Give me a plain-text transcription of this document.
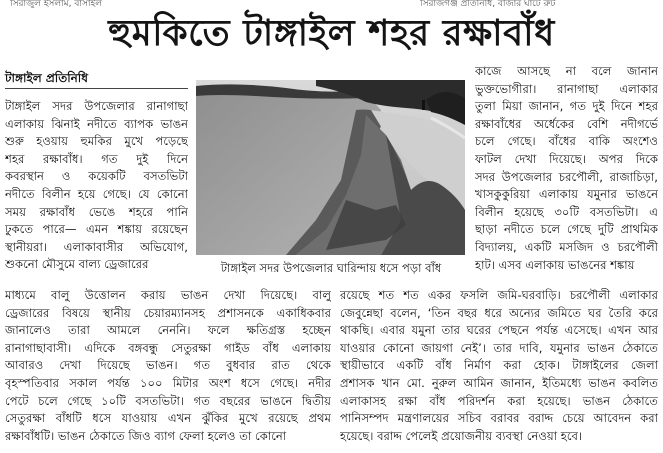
সিরাজুল ইসলাম, বাসাইল	সিরাজগঞ্জ প্রতিনিধি, বাজার ঘাটে রুট
হুমকিতে টাঙ্গাইল শহর রক্ষাবাঁধ
টাঙ্গাইল প্রতিনিধি
টাঙ্গাইল সদর উপজেলার রানাগাছা
এলাকায় ঝিনাই নদীতে ব্যাপক ভাঙন
শুরু হওয়ায় হুমকির মুখে পড়েছে
শহর রক্ষাবাঁধ। গত দুই দিনে
কবরস্থান ও কয়েকটি বসতভিটা
নদীতে বিলীন হয়ে গেছে। যে কোনো
সময় রক্ষাবাঁধ ভেঙে শহরে পানি
ঢুকতে পারে— এমন শঙ্কায় রয়েছেন
স্থানীয়রা। এলাকাবাসীর অভিযোগ,
শুকনো মৌসুমে বাল্য ড্রেজারের	টাঙ্গাইল সদর উপজেলার ঘারিন্দায় ধসে পড়া বাঁধ
কাজে আসছে না বলে জানান
ভুক্তভোগীরা। রানাগাছা এলাকার
তুলা মিয়া জানান, গত দুই দিনে শহর
রক্ষাবাঁধের অর্ধেকের বেশি নদীগর্ভে
চলে গেছে। বাঁধের বাকি অংশেও
ফাটল দেখা দিয়েছে। অপর দিকে
সদর উপজেলার চরপৌলী, রাজাচিড়া,
খাসকুকুরিয়া এলাকায় যমুনার ভাঙনে
বিলীন হয়েছে ৩০টি বসতভিটা। এ
ছাড়া নদীতে চলে গেছে দুটি প্রাথমিক
বিদ্যালয়, একটি মসজিদ ও চরপৌলী
হাট। এসব এলাকায় ভাঙনের শঙ্কায়
মাধ্যমে বালু উত্তোলন করায় ভাঙন দেখা দিয়েছে। বালু
ড্রেজারের বিষয়ে স্থানীয় চেয়ারম্যানসহ প্রশাসনকে একাধিকবার
জানালেও তারা আমলে নেননি। ফলে ক্ষতিগ্রস্ত হচ্ছেন
রানাগাছাবাসী। এদিকে বঙ্গবন্ধু সেতুরক্ষা গাইড বাঁধ এলাকায়
আবারও দেখা দিয়েছে ভাঙন। গত বুধবার রাত থেকে
বৃহস্পতিবার সকাল পর্যন্ত ১০০ মিটার অংশ ধসে গেছে। নদীর
পেটে চলে গেছে ১০টি বসতভিটা। গত বছরের ভাঙনে দ্বিতীয়
সেতুরক্ষা বাঁধটি ধসে যাওয়ায় এখন ঝুঁকির মুখে রয়েছে প্রথম
রক্ষাবাঁধটি। ভাঙন ঠেকাতে জিও ব্যাগ ফেলা হলেও তা কোনো
রয়েছে শত শত একর ফসলি জমি-ঘরবাড়ি। চরপৌলী এলাকার
জেবুন্নেছা বলেন, ‘তিন বছর ধরে অন্যের জমিতে ঘর তৈরি করে
থাকছি। এবার যমুনা তার ঘরের পেছনে পর্যন্ত এসেছে। এখন আর
যাওয়ার কোনো জায়গা নেই’। তার দাবি, যমুনার ভাঙন ঠেকাতে
স্থায়ীভাবে একটি বাঁধ নির্মাণ করা হোক। টাঙ্গাইলের জেলা
প্রশাসক খান মো. নুরুল আমিন জানান, ইতিমধ্যে ভাঙন কবলিত
এলাকাসহ রক্ষা বাঁধ পরিদর্শন করা হয়েছে। ভাঙন ঠেকাতে
পানিসম্পদ মন্ত্রণালয়ের সচিব বরাবর বরাদ্দ চেয়ে আবেদন করা
হয়েছে। বরাদ্দ পেলেই প্রয়োজনীয় ব্যবস্থা নেওয়া হবে।
